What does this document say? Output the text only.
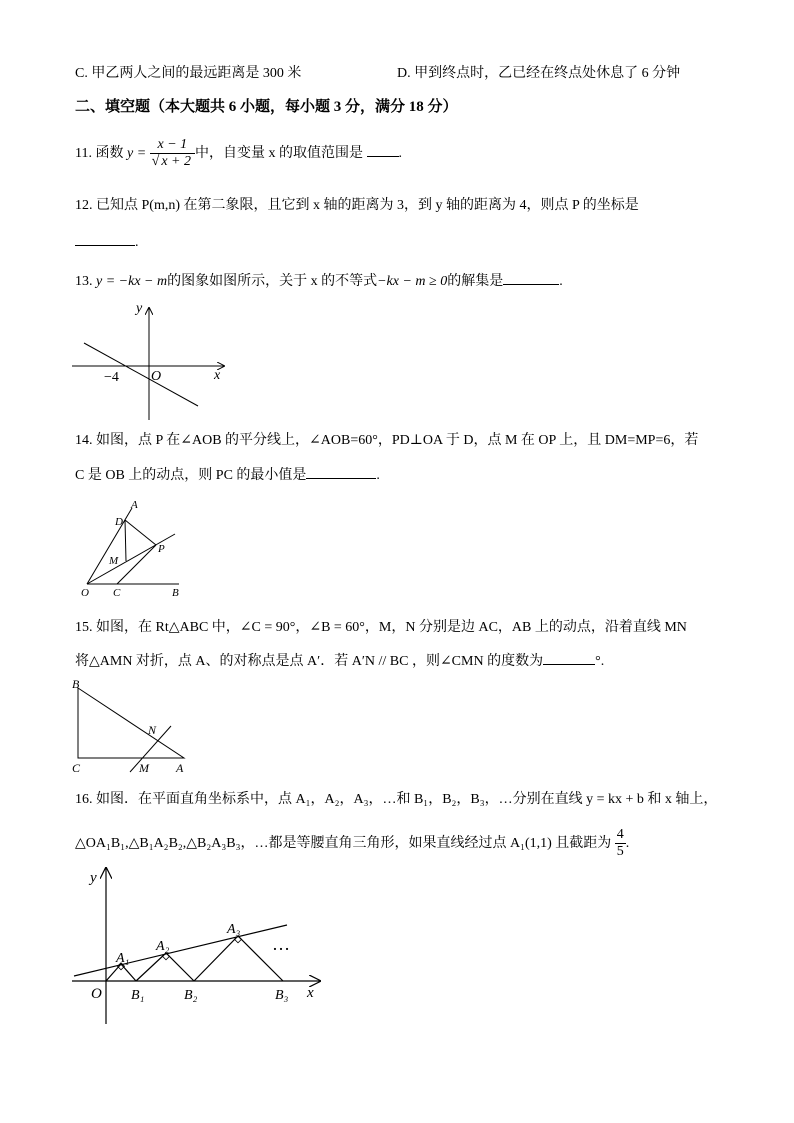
C. 甲乙两人之间的最远距离是 300 米	D. 甲到终点时，乙已经在终点处休息了 6 分钟
二、填空题（本大题共 6 小题，每小题 3 分，满分 18 分）
11. 函数 $y = \frac{x - 1}{√ x + 2}$ 中，自变量 x 的取值范围是	.
12. 已知点 P(m,n) 在第二象限，且它到 x 轴的距离为 3，到 y 轴的距离为 4，则点 P 的坐标是
.
13. y = −kx − m的图象如图所示，关于 x 的不等式−kx − m ≥ 0的解集是	.
y
x
O
−4
14. 如图，点 P 在∠AOB 的平分线上，∠AOB=60°，PD⊥OA 于 D，点 M 在 OP 上，且 DM=MP=6，若
C 是 OB 上的动点，则 PC 的最小值是	.
A
D
M
P
O C	B
15. 如图，在 Rt△ABC 中，∠C = 90°，∠B = 60°，M，N 分别是边 AC，AB 上的动点，沿着直线 MN
将△AMN 对折，点 A、的对称点是点 A′．若 A′N // BC ，则∠CMN 的度数为	°.
B
N
C	M A
16. 如图．在平面直角坐标系中，点 A₁，A₂，A₃，…和 B₁，B₂，B₃，…分别在直线 y = kx + b 和 x 轴上，
△OA₁B₁,△B₁A₂B₂,△B₂A₃B₃，…都是等腰直角三角形，如果直线经过点 A₁(1,1) 且截距为 $\frac{4}{5}$ .
y
x
O
A₁
A₂
A₃
B₁	B₂	B₃
…
